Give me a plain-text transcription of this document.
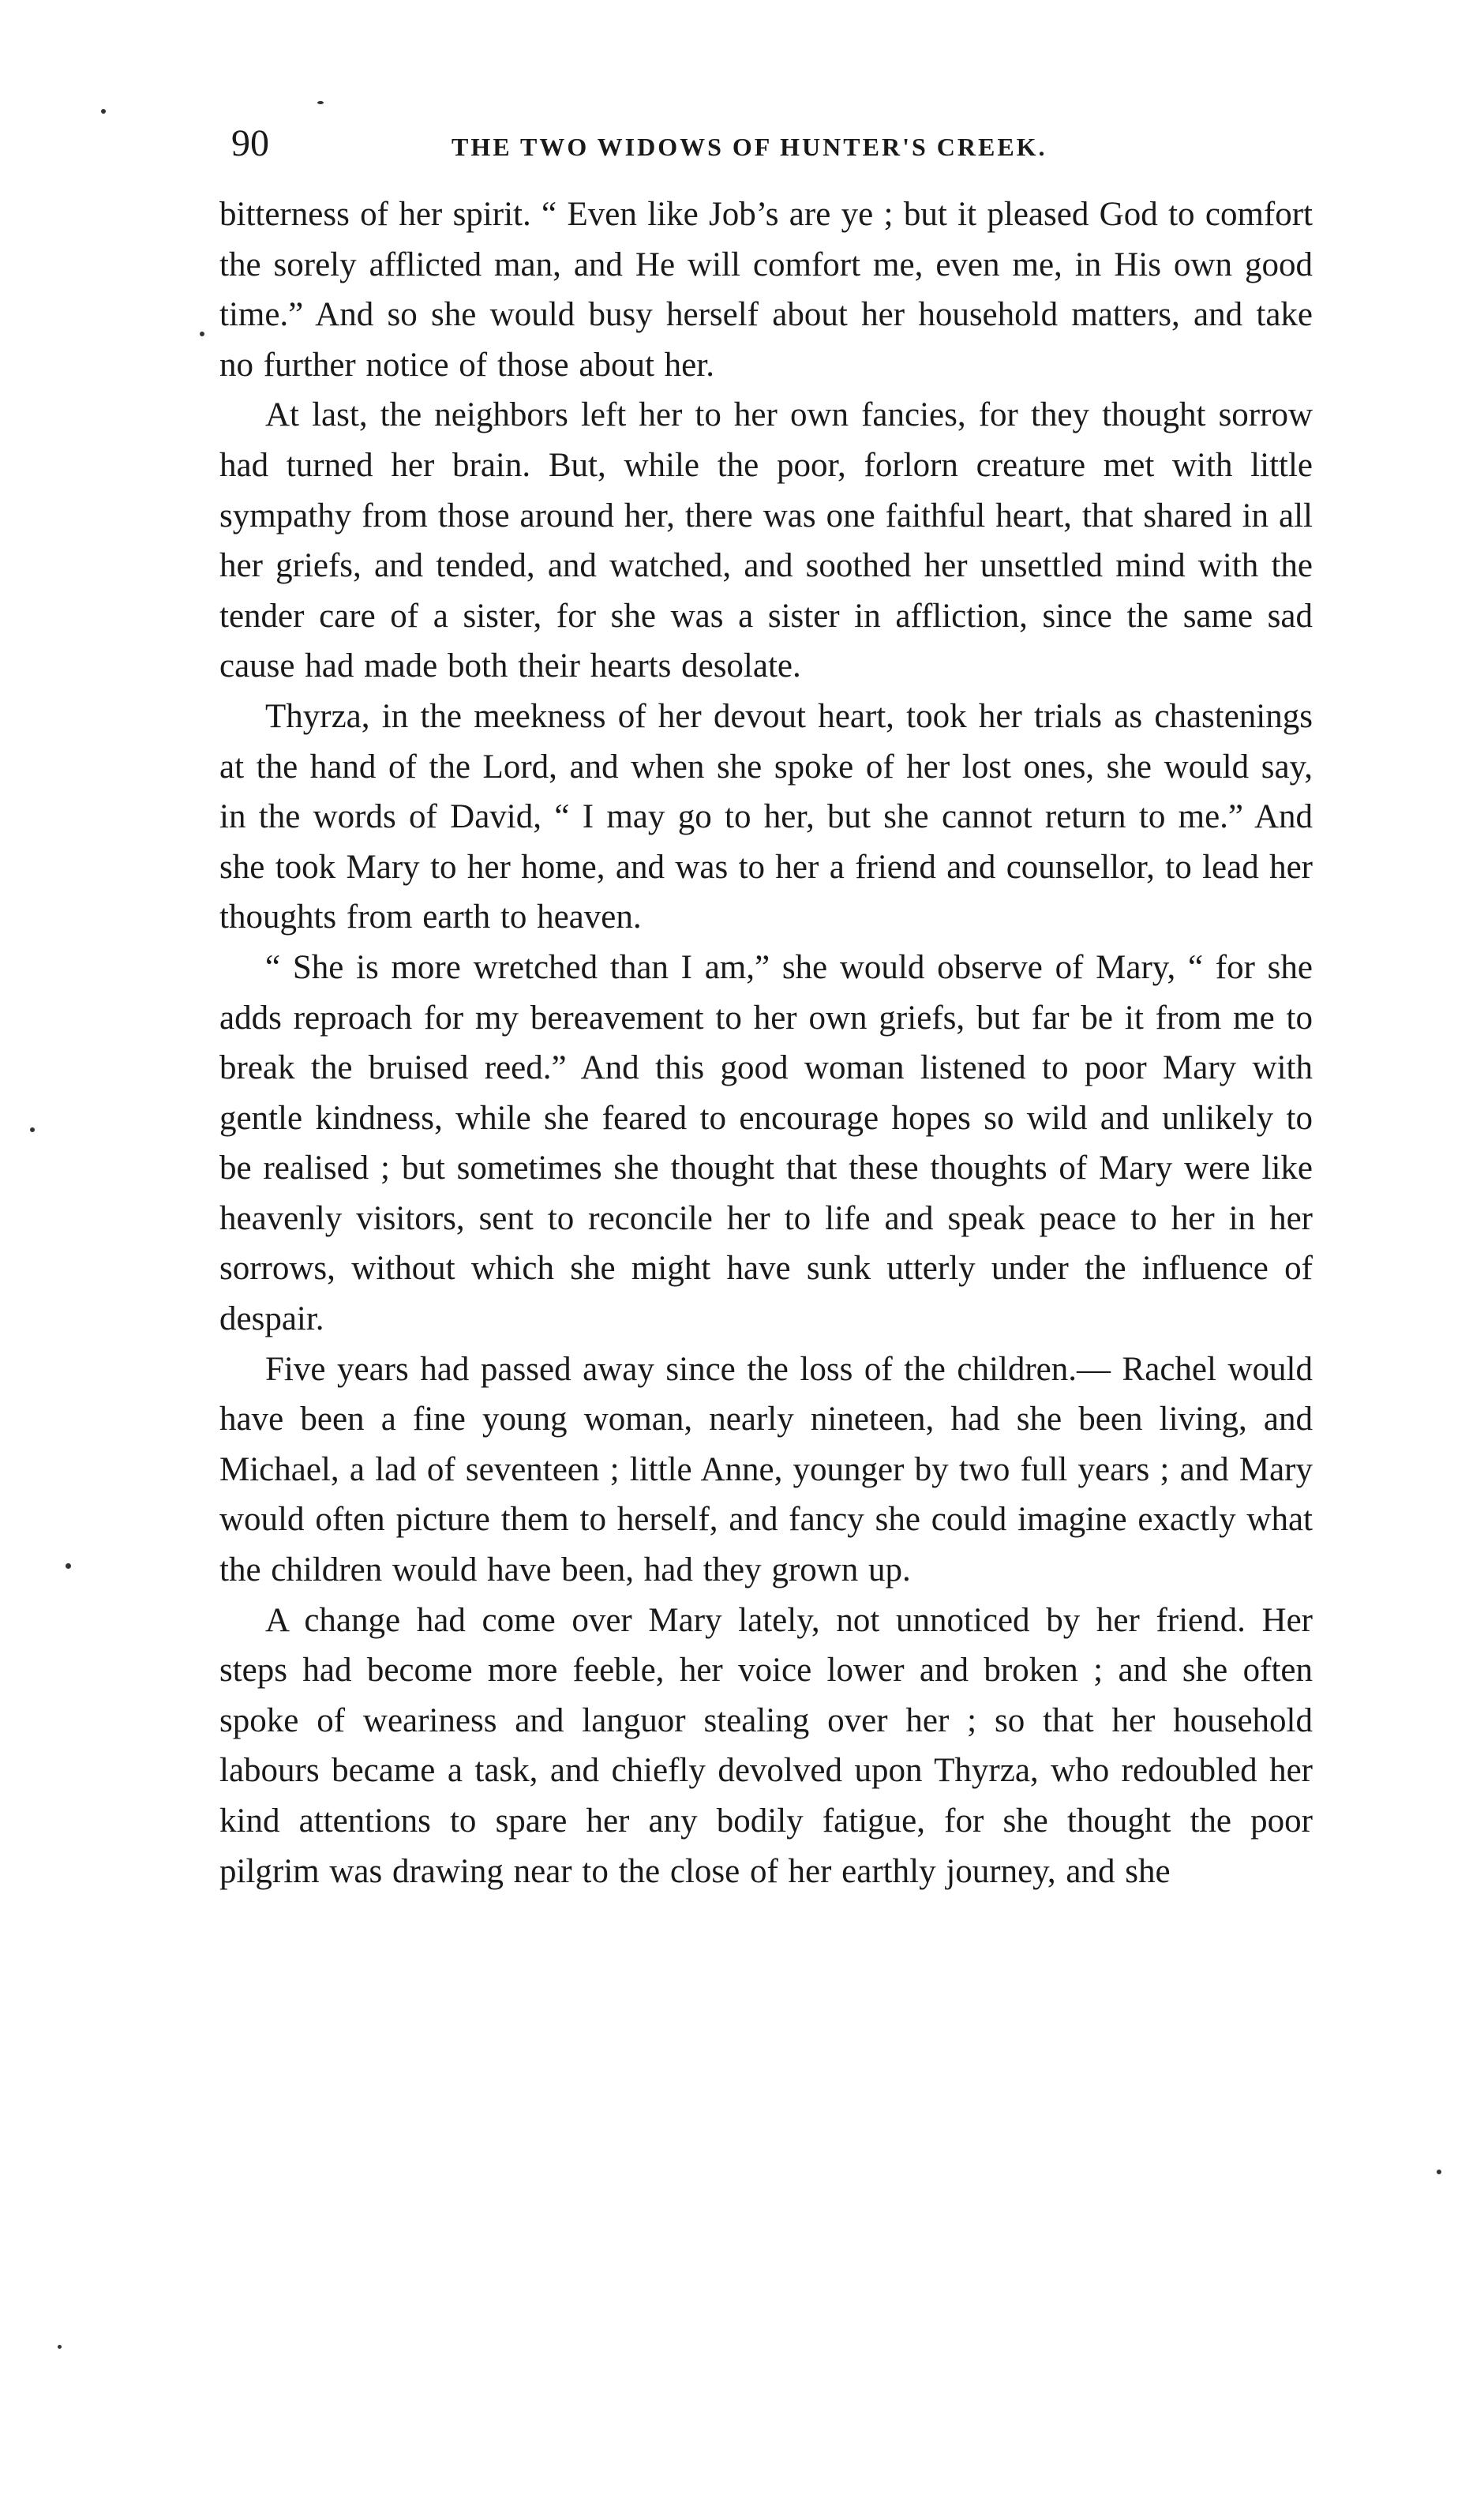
90	THE TWO WIDOWS OF HUNTER'S CREEK.

bitterness of her spirit. “ Even like Job’s are ye ; but it pleased God to comfort the sorely afflicted man, and He will comfort me, even me, in His own good time.” And so she would busy herself about her household matters, and take no further notice of those about her.

At last, the neighbors left her to her own fancies, for they thought sorrow had turned her brain. But, while the poor, forlorn creature met with little sympathy from those around her, there was one faithful heart, that shared in all her griefs, and tended, and watched, and soothed her unsettled mind with the tender care of a sister, for she was a sister in affliction, since the same sad cause had made both their hearts desolate.

Thyrza, in the meekness of her devout heart, took her trials as chastenings at the hand of the Lord, and when she spoke of her lost ones, she would say, in the words of David, “ I may go to her, but she cannot return to me.” And she took Mary to her home, and was to her a friend and counsellor, to lead her thoughts from earth to heaven.

“ She is more wretched than I am,” she would observe of Mary, “ for she adds reproach for my bereavement to her own griefs, but far be it from me to break the bruised reed.” And this good woman listened to poor Mary with gentle kindness, while she feared to encourage hopes so wild and unlikely to be realised ; but sometimes she thought that these thoughts of Mary were like heavenly visitors, sent to reconcile her to life and speak peace to her in her sorrows, without which she might have sunk utterly under the influence of despair.

Five years had passed away since the loss of the children.— Rachel would have been a fine young woman, nearly nineteen, had she been living, and Michael, a lad of seventeen ; little Anne, younger by two full years ; and Mary would often picture them to herself, and fancy she could imagine exactly what the children would have been, had they grown up.

A change had come over Mary lately, not unnoticed by her friend. Her steps had become more feeble, her voice lower and broken ; and she often spoke of weariness and languor stealing over her ; so that her household labours became a task, and chiefly devolved upon Thyrza, who redoubled her kind attentions to spare her any bodily fatigue, for she thought the poor pilgrim was drawing near to the close of her earthly journey, and she
